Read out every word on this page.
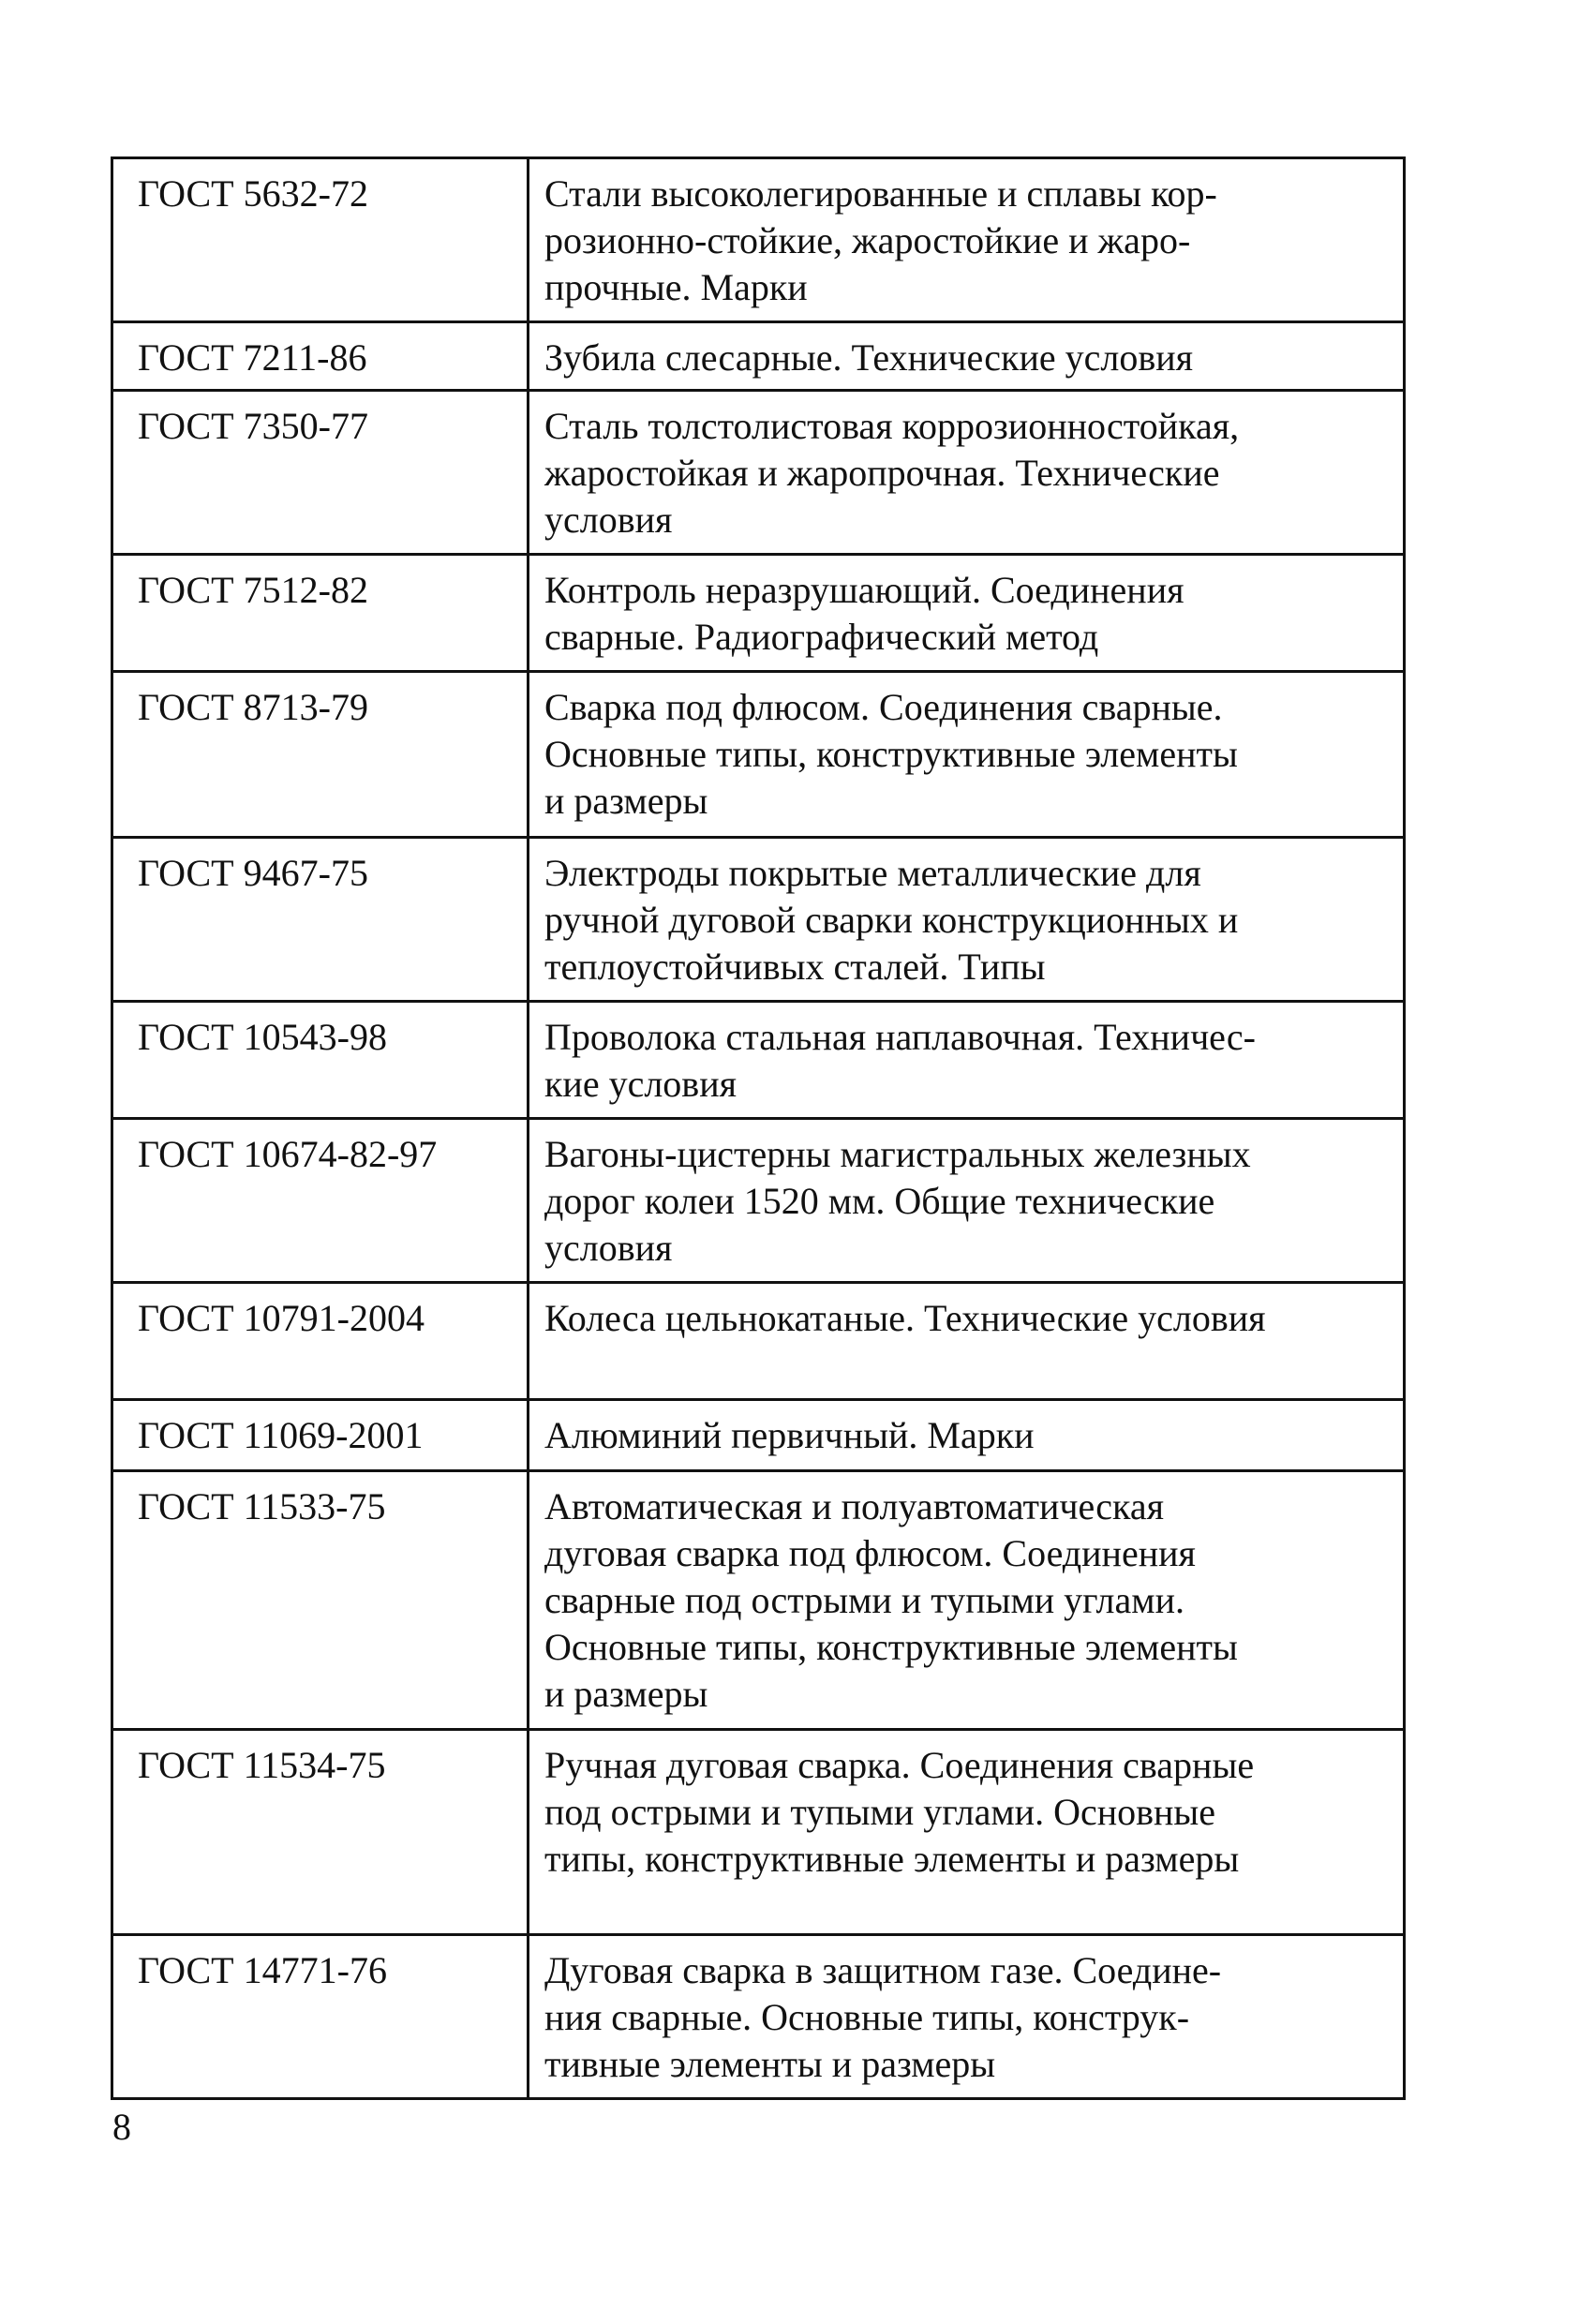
ГОСТ 5632-72	Стали высоколегированные и сплавы кор-
розионно-стойкие, жаростойкие и жаро-
прочные. Марки

ГОСТ 7211-86	Зубила слесарные. Технические условия

ГОСТ 7350-77	Сталь толстолистовая коррозионностойкая,
жаростойкая и жаропрочная. Технические
условия

ГОСТ 7512-82	Контроль неразрушающий. Соединения
сварные. Радиографический метод

ГОСТ 8713-79	Сварка под флюсом. Соединения сварные.
Основные типы, конструктивные элементы
и размеры

ГОСТ 9467-75	Электроды покрытые металлические для
ручной дуговой сварки конструкционных и
теплоустойчивых сталей. Типы

ГОСТ 10543-98	Проволока стальная наплавочная. Техничес-
кие условия

ГОСТ 10674-82-97	Вагоны-цистерны магистральных железных
дорог колеи 1520 мм. Общие технические
условия

ГОСТ 10791-2004	Колеса цельнокатаные. Технические условия

ГОСТ 11069-2001	Алюминий первичный. Марки

ГОСТ 11533-75	Автоматическая и полуавтоматическая
дуговая сварка под флюсом. Соединения
сварные под острыми и тупыми углами.
Основные типы, конструктивные элементы
и размеры

ГОСТ 11534-75	Ручная дуговая сварка. Соединения сварные
под острыми и тупыми углами. Основные
типы, конструктивные элементы и размеры

ГОСТ 14771-76	Дуговая сварка в защитном газе. Соедине-
ния сварные. Основные типы, конструк-
тивные элементы и размеры
8
